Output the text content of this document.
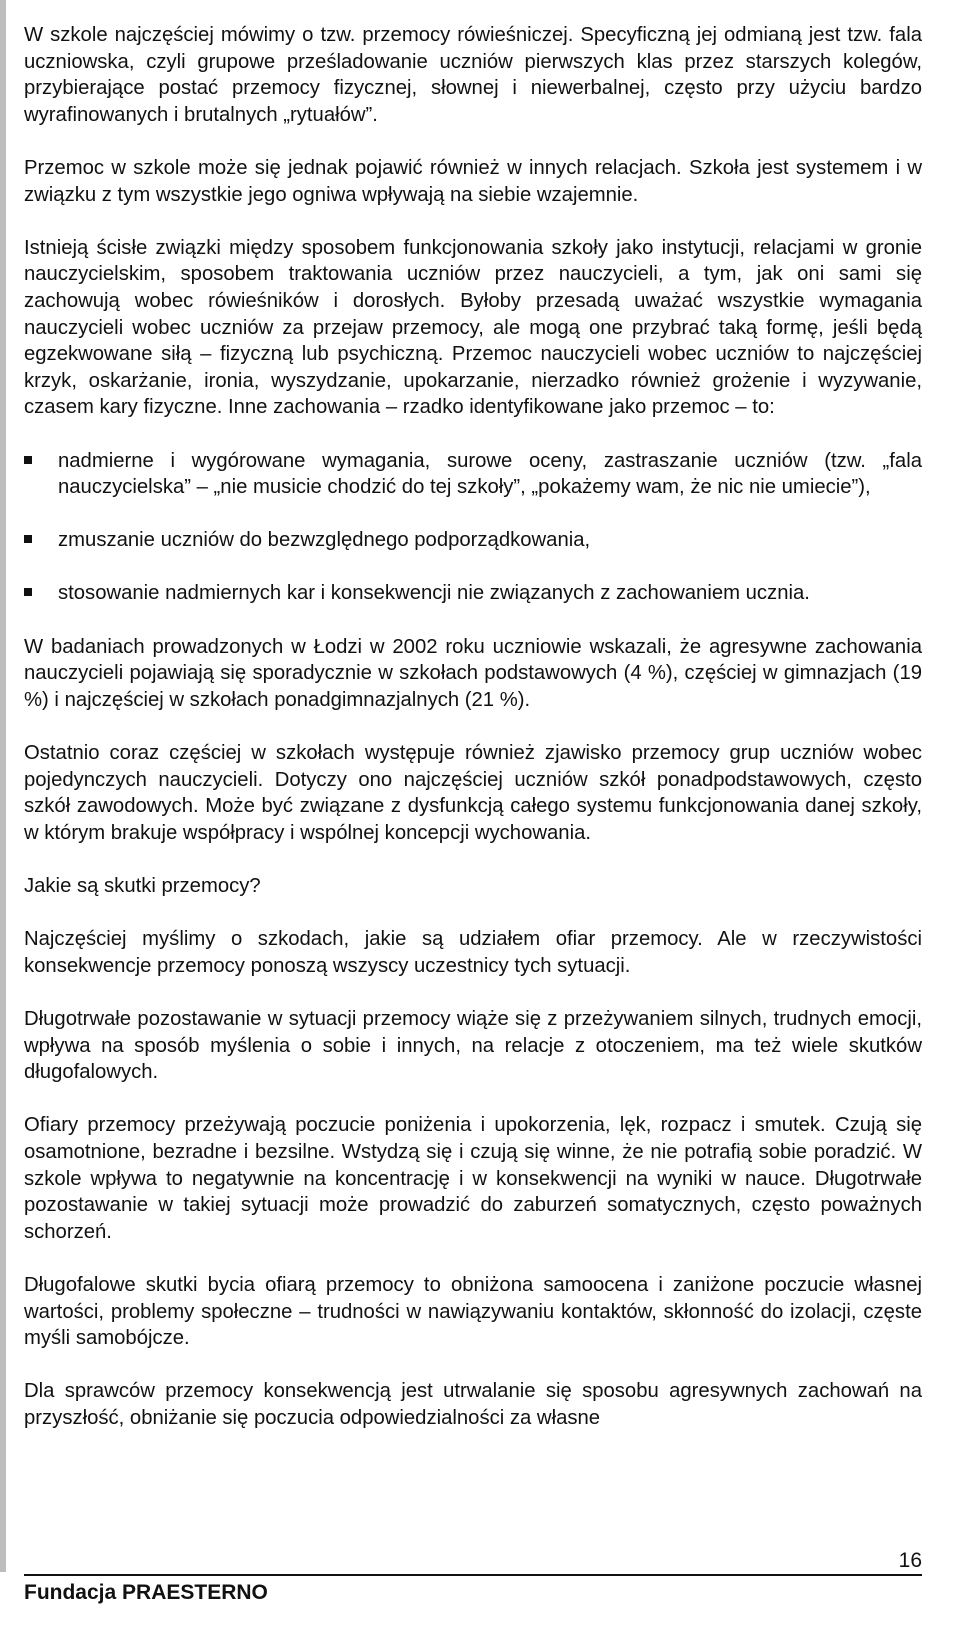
W szkole najczęściej mówimy o tzw. przemocy rówieśniczej. Specyficzną jej odmianą jest tzw. fala uczniowska, czyli grupowe prześladowanie uczniów pierwszych klas przez starszych kolegów, przybierające postać przemocy fizycznej, słownej i niewerbalnej, często przy użyciu bardzo wyrafinowanych i brutalnych „rytuałów”.

Przemoc w szkole może się jednak pojawić również w innych relacjach. Szkoła jest systemem i w związku z tym wszystkie jego ogniwa wpływają na siebie wzajemnie.

Istnieją ścisłe związki między sposobem funkcjonowania szkoły jako instytucji, relacjami w gronie nauczycielskim, sposobem traktowania uczniów przez nauczycieli, a tym, jak oni sami się zachowują wobec rówieśników i dorosłych. Byłoby przesadą uważać wszystkie wymagania nauczycieli wobec uczniów za przejaw przemocy, ale mogą one przybrać taką formę, jeśli będą egzekwowane siłą – fizyczną lub psychiczną. Przemoc nauczycieli wobec uczniów to najczęściej krzyk, oskarżanie, ironia, wyszydzanie, upokarzanie, nierzadko również grożenie i wyzywanie, czasem kary fizyczne. Inne zachowania – rzadko identyfikowane jako przemoc – to:

nadmierne i wygórowane wymagania, surowe oceny, zastraszanie uczniów (tzw. „fala nauczycielska” – „nie musicie chodzić do tej szkoły”, „pokażemy wam, że nic nie umiecie”),
zmuszanie uczniów do bezwzględnego podporządkowania,
stosowanie nadmiernych kar i konsekwencji nie związanych z zachowaniem ucznia.

W badaniach prowadzonych w Łodzi w 2002 roku uczniowie wskazali, że agresywne zachowania nauczycieli pojawiają się sporadycznie w szkołach podstawowych (4 %), częściej w gimnazjach (19 %) i najczęściej w szkołach ponadgimnazjalnych (21 %).

Ostatnio coraz częściej w szkołach występuje również zjawisko przemocy grup uczniów wobec pojedynczych nauczycieli. Dotyczy ono najczęściej uczniów szkół ponadpodstawowych, często szkół zawodowych. Może być związane z dysfunkcją całego systemu funkcjonowania danej szkoły, w którym brakuje współpracy i wspólnej koncepcji wychowania.

Jakie są skutki przemocy?

Najczęściej myślimy o szkodach, jakie są udziałem ofiar przemocy. Ale w rzeczywistości konsekwencje przemocy ponoszą wszyscy uczestnicy tych sytuacji.

Długotrwałe pozostawanie w sytuacji przemocy wiąże się z przeżywaniem silnych, trudnych emocji, wpływa na sposób myślenia o sobie i innych, na relacje z otoczeniem, ma też wiele skutków długofalowych.

Ofiary przemocy przeżywają poczucie poniżenia i upokorzenia, lęk, rozpacz i smutek. Czują się osamotnione, bezradne i bezsilne. Wstydzą się i czują się winne, że nie potrafią sobie poradzić. W szkole wpływa to negatywnie na koncentrację i w konsekwencji na wyniki w nauce. Długotrwałe pozostawanie w takiej sytuacji może prowadzić do zaburzeń somatycznych, często poważnych schorzeń.

Długofalowe skutki bycia ofiarą przemocy to obniżona samoocena i zaniżone poczucie własnej wartości, problemy społeczne – trudności w nawiązywaniu kontaktów, skłonność do izolacji, częste myśli samobójcze.

Dla sprawców przemocy konsekwencją jest utrwalanie się sposobu agresywnych zachowań na przyszłość, obniżanie się poczucia odpowiedzialności za własne

Fundacja PRAESTERNO
16
